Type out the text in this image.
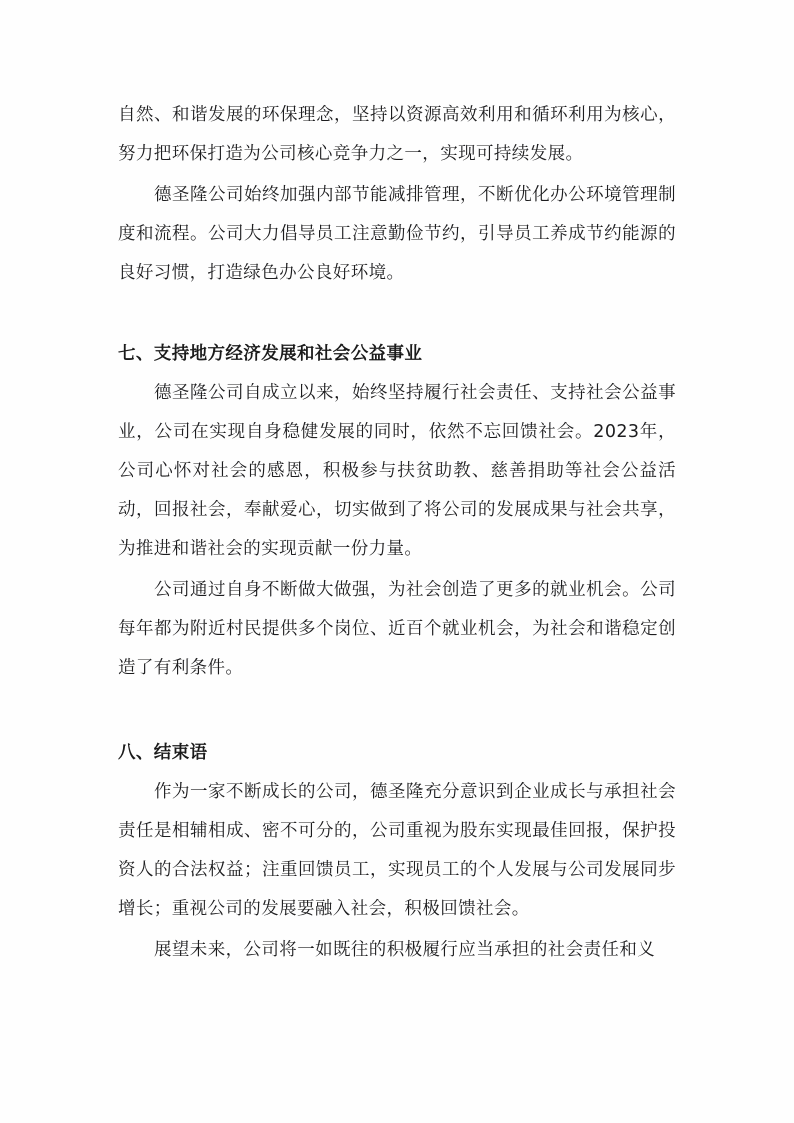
自然、和谐发展的环保理念，坚持以资源高效利用和循环利用为核心，努力把环保打造为公司核心竞争力之一，实现可持续发展。

德圣隆公司始终加强内部节能减排管理，不断优化办公环境管理制度和流程。公司大力倡导员工注意勤俭节约，引导员工养成节约能源的良好习惯，打造绿色办公良好环境。

七、支持地方经济发展和社会公益事业

德圣隆公司自成立以来，始终坚持履行社会责任、支持社会公益事业，公司在实现自身稳健发展的同时，依然不忘回馈社会。2023年，公司心怀对社会的感恩，积极参与扶贫助教、慈善捐助等社会公益活动，回报社会，奉献爱心，切实做到了将公司的发展成果与社会共享，为推进和谐社会的实现贡献一份力量。

公司通过自身不断做大做强，为社会创造了更多的就业机会。公司每年都为附近村民提供多个岗位、近百个就业机会，为社会和谐稳定创造了有利条件。

八、结束语

作为一家不断成长的公司，德圣隆充分意识到企业成长与承担社会责任是相辅相成、密不可分的，公司重视为股东实现最佳回报，保护投资人的合法权益；注重回馈员工，实现员工的个人发展与公司发展同步增长；重视公司的发展要融入社会，积极回馈社会。

展望未来，公司将一如既往的积极履行应当承担的社会责任和义
